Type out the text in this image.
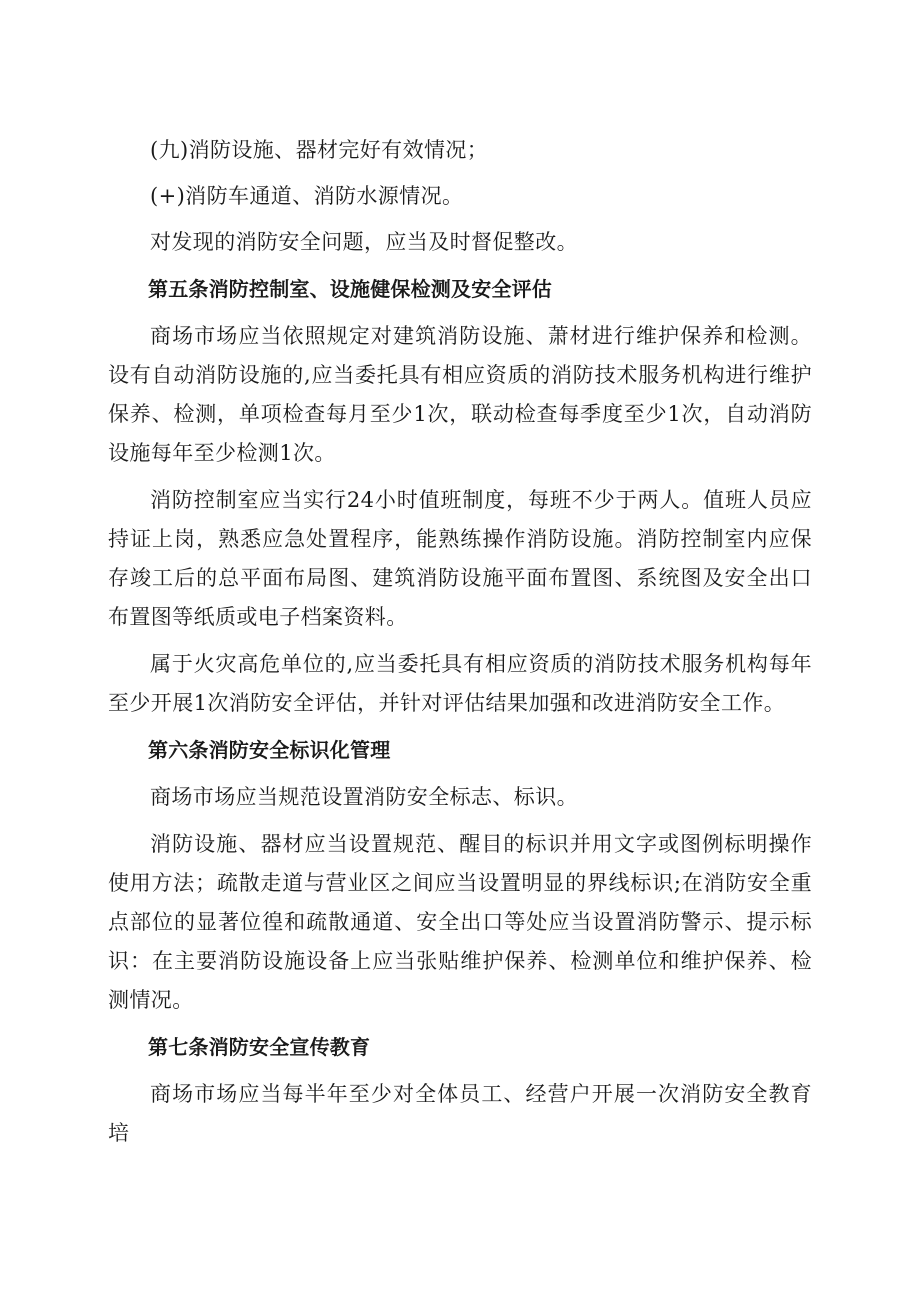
(九)消防设施、器材完好有效情况；

(+)消防车通道、消防水源情况。

对发现的消防安全问题，应当及时督促整改。

第五条消防控制室、设施健保检测及安全评估

商场市场应当依照规定对建筑消防设施、萧材进行维护保养和检测。设有自动消防设施的,应当委托具有相应资质的消防技术服务机构进行维护保养、检测，单项检查每月至少1次，联动检查每季度至少1次，自动消防设施每年至少检测1次。

消防控制室应当实行24小时值班制度，每班不少于两人。值班人员应持证上岗，熟悉应急处置程序，能熟练操作消防设施。消防控制室内应保存竣工后的总平面布局图、建筑消防设施平面布置图、系统图及安全出口布置图等纸质或电子档案资料。

属于火灾高危单位的,应当委托具有相应资质的消防技术服务机构每年至少开展1次消防安全评估，并针对评估结果加强和改进消防安全工作。

第六条消防安全标识化管理

商场市场应当规范设置消防安全标志、标识。

消防设施、器材应当设置规范、醒目的标识并用文字或图例标明操作使用方法；疏散走道与营业区之间应当设置明显的界线标识;在消防安全重点部位的显著位徨和疏散通道、安全出口等处应当设置消防警示、提示标识：在主要消防设施设备上应当张贴维护保养、检测单位和维护保养、检测情况。

第七条消防安全宣传教育

商场市场应当每半年至少对全体员工、经营户开展一次消防安全教育培
